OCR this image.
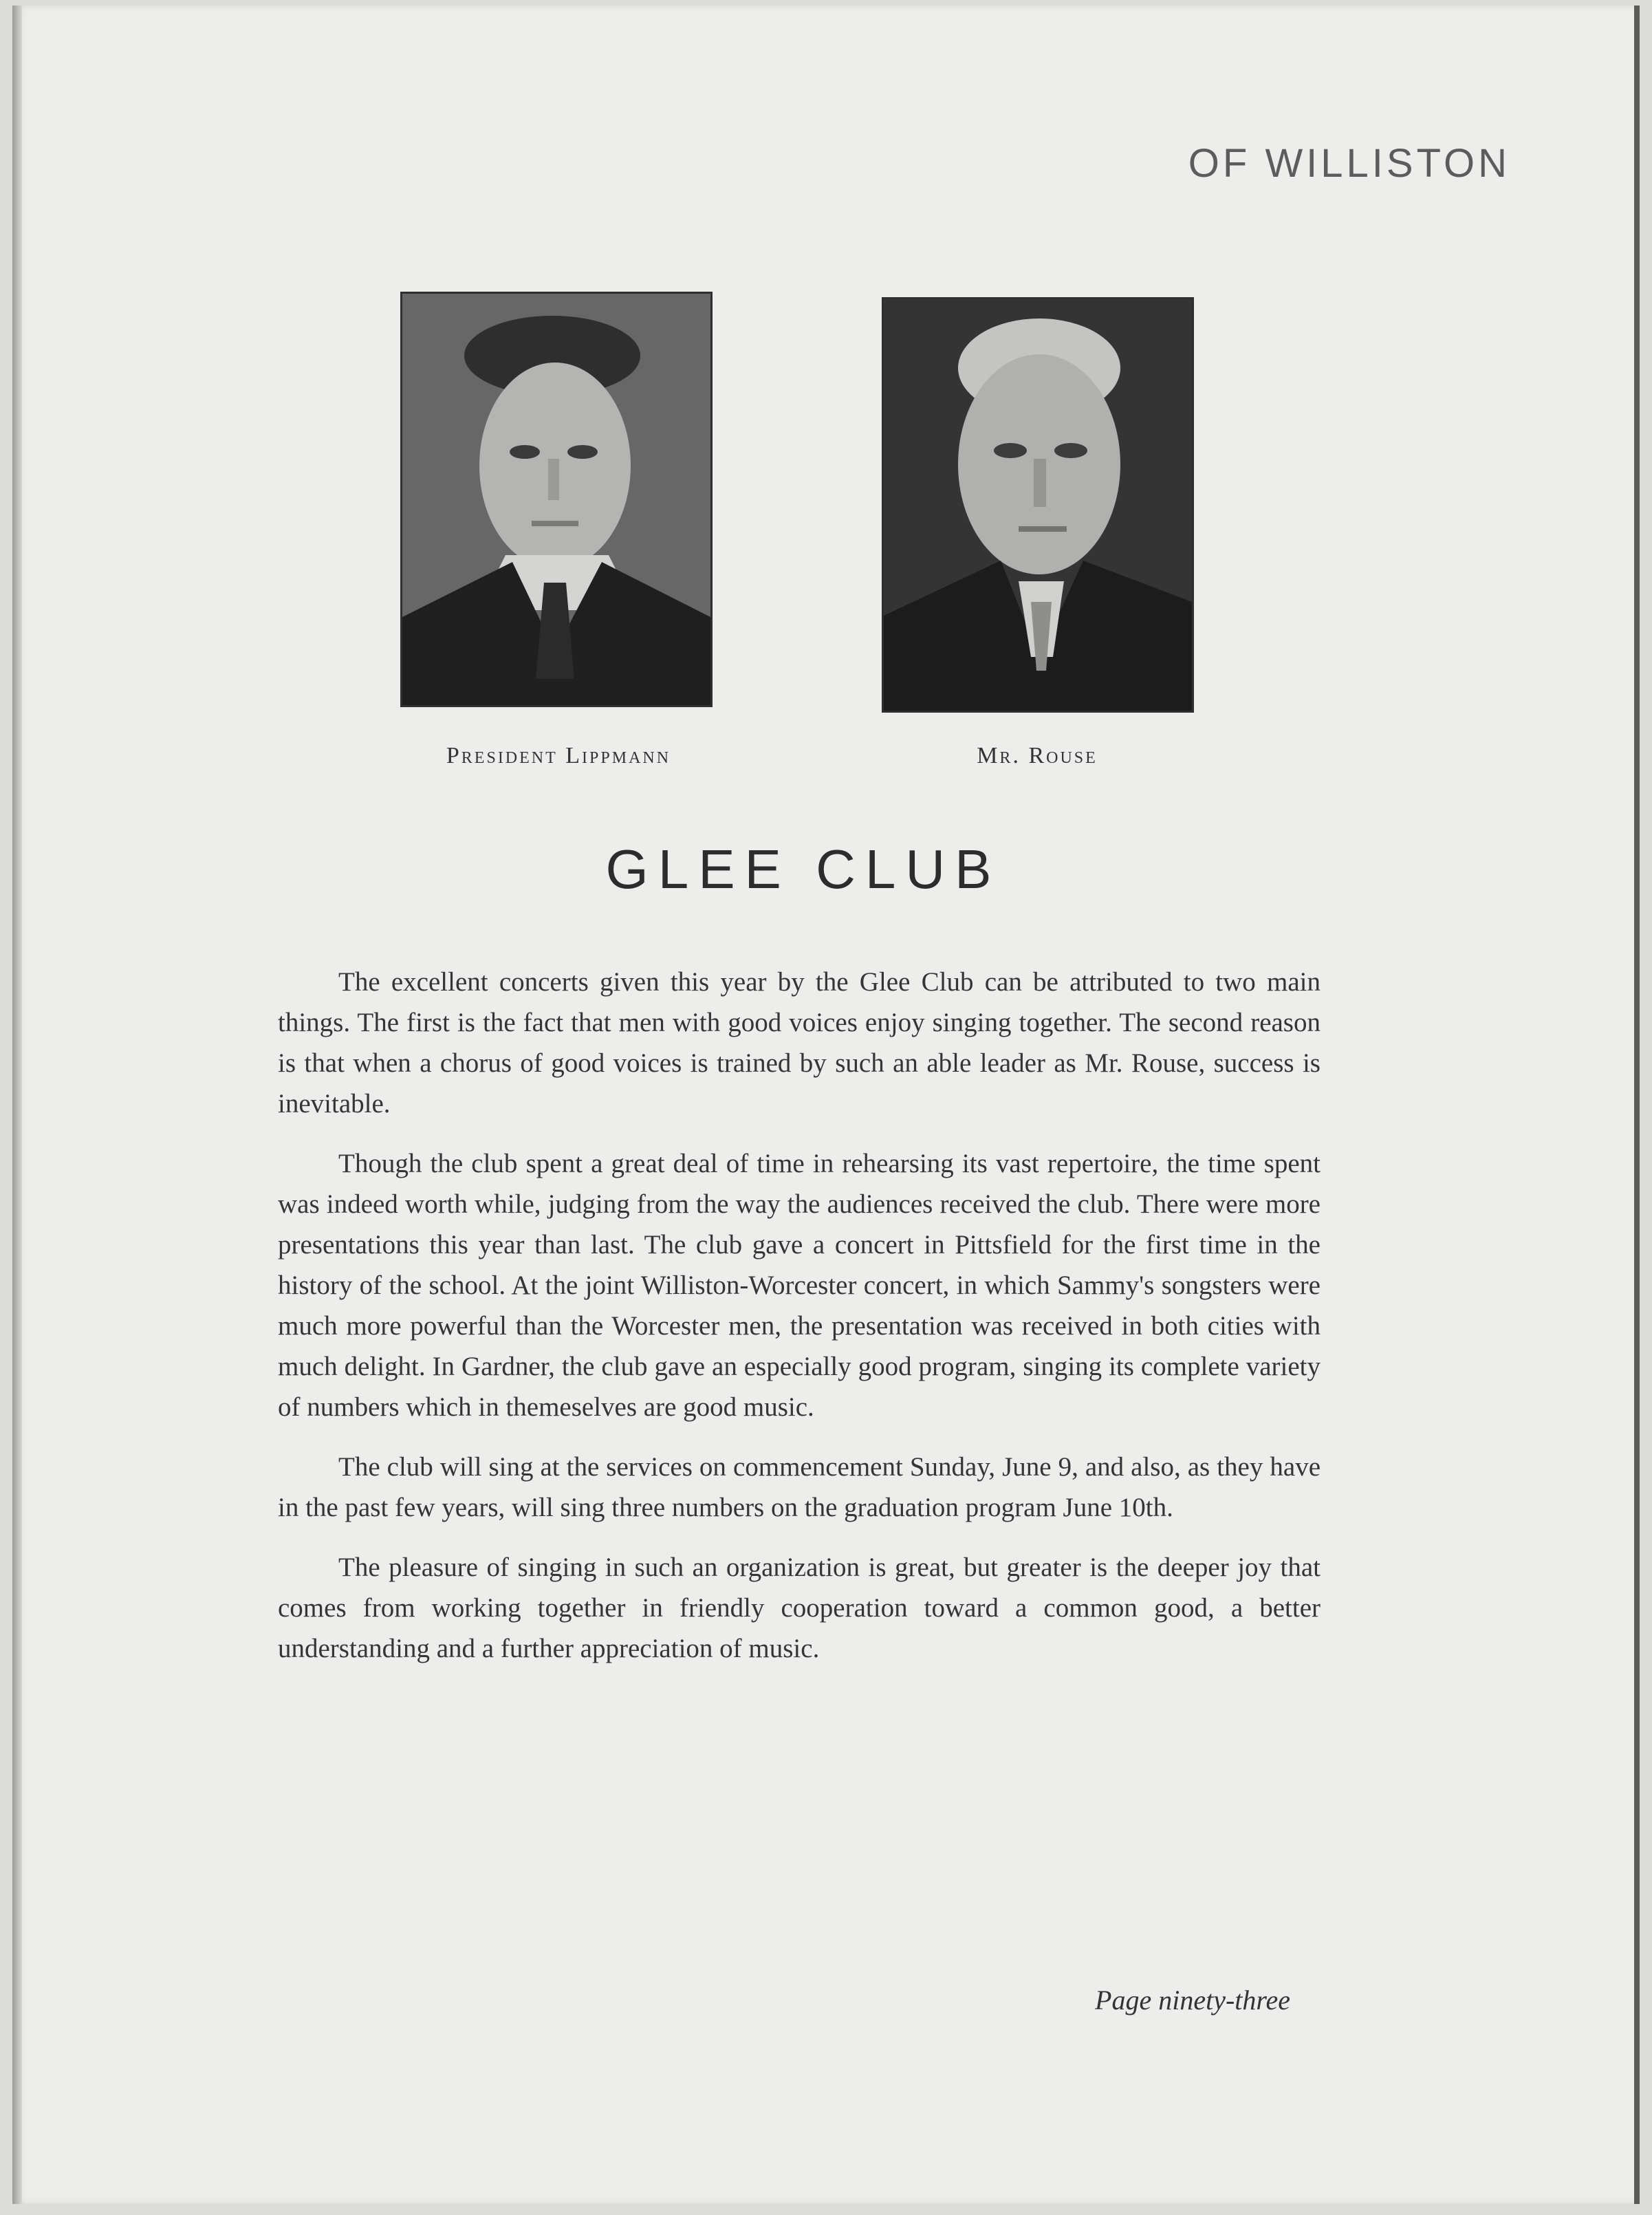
OF WILLISTON
President Lippmann	Mr. Rouse
GLEE CLUB

The excellent concerts given this year by the Glee Club can be attributed to two main things. The first is the fact that men with good voices enjoy singing together. The second reason is that when a chorus of good voices is trained by such an able leader as Mr. Rouse, success is inevitable.

Though the club spent a great deal of time in rehearsing its vast repertoire, the time spent was indeed worth while, judging from the way the audiences received the club. There were more presentations this year than last. The club gave a concert in Pittsfield for the first time in the history of the school. At the joint Williston-Worcester concert, in which Sammy's songsters were much more powerful than the Worcester men, the presentation was received in both cities with much delight. In Gardner, the club gave an especially good program, singing its complete variety of numbers which in themeselves are good music.

The club will sing at the services on commencement Sunday, June 9, and also, as they have in the past few years, will sing three numbers on the graduation program June 10th.

The pleasure of singing in such an organization is great, but greater is the deeper joy that comes from working together in friendly cooperation toward a common good, a better understanding and a further appreciation of music.

Page ninety-three
